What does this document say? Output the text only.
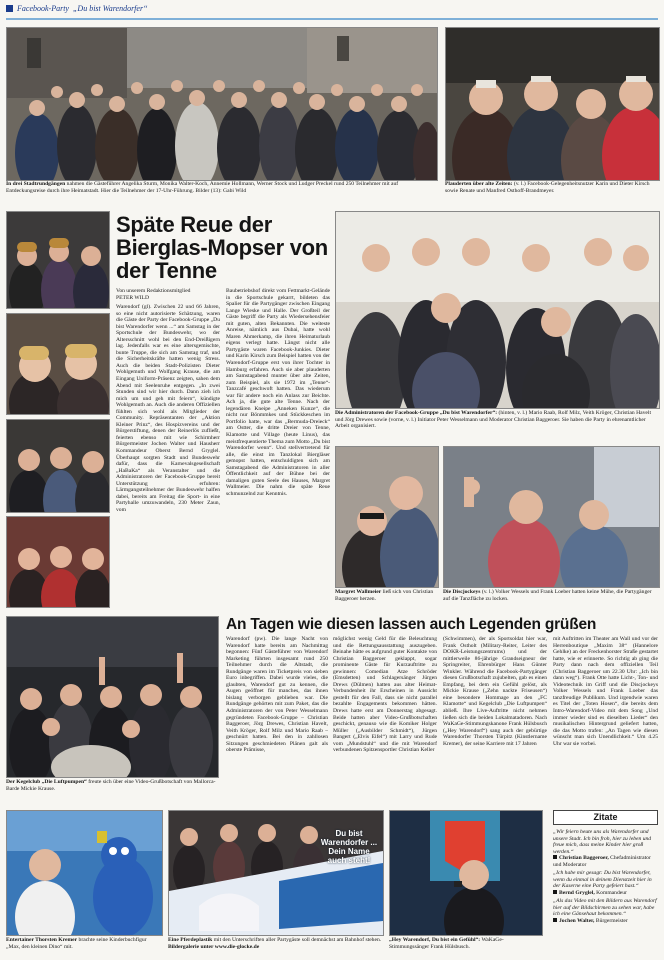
Facebook-Party „Du bist Warendorfer“
In drei Stadtrundgängen nahmen die Gästeführer Angelika Sturm, Monika Walter-Koch, Annemie Hollmann, Werner Stock und Ludger Preckel rund 250 Teilnehmer mit auf Entdeckungsreise durch ihre Heimatstadt. Hier die Teilnehmer der 17-Uhr-Führung. Bilder (13): Gabi Wild
Plauderten über alte Zeiten: (v. l.) Facebook-Gelegenheitsnutzer Karin und Dieter Kirsch sowie Renate und Manfred Osthoff-Brandmeyer.
Späte Reue der Bierglas-Mopser von der Tenne
Von unserem Redaktionsmitglied
PETER WILD

Warendorf (gl). Zwischen 22 und 66 Jahren, so eine nicht autorisierte Schätzung, waren die Gäste der Party der Facebook-Gruppe „Du bist Warendorfer wenn ...“ am Samstag in der Sportschule der Bundeswehr, wo der Altersschnitt wohl bei den End-Dreißigern lag. Jedenfalls war es eine altersgemischte, bunte Truppe, die sich am Samstag traf, und die Sicherheitskräfte hatten wenig Stress. Auch die beiden Stadt-Polizisten Dieter Wohlgemuth und Wolfgang Krause, die am Eingang Uniform-Präsenz zeigten, sahen dem Abend mit Seelenruhe entgegen. „In zwei Stunden sind wir hier durch. Dann zieh ich mich um und geh mit feiern“, kündigte Wohlgemuth an. Auch die anderen Offiziellen fühlten sich wohl als Mitglieder der Community. Repräsentanten der „Aktion Kleiner Prinz“, des Hospizvereins und der Bürgerstiftung, denen der Reinerlös zufließt, feierten ebenso mit wie Schirmherr Bürgermeister Jochen Walter und Hausherr Kommandeur Oberst Bernd Gryglel. Überhaupt sorgten Stadt und Bundeswehr dafür, dass die Karnevalsgesellschaft „HaBaKa“ als Veranstalter und die Administratoren der Facebook-Gruppe bereit Unterstützung erfuhren: Lärmgangsteilnehmer der Bundeswehr halfen dabei, bereits am Freitag die Sport- in eine Partyhalle umzuwandeln, 230 Meter Zaun, vom

Baubetriebshof direkt vom Fettmarkt-Gelände in die Sportschule gekarrt, bildeten das Spalier für die Partygänger zwischen Eingang Lange Wieske und Halle. Der Großteil der Gäste begriff die Party als Wiedersehensfeier mit guten, alten Bekannten. Die weiteste Anreise, nämlich aus Dubai, hatte wohl Maren Ahmerkamp, die ihren Heimaturlaub eigens verlegt hatte. Längst nicht alle Partygäste waren Facebook-Junkies. Dieter und Karin Kirsch zum Beispiel hatten von der Warendorf-Gruppe erst von ihrer Tochter in Hamburg erfahren. Auch sie aber plauderten am Samstagabend munter über alte Zeiten, zum Beispiel, als sie 1972 im „Tenne“-Tanzcafé geschwoft hatten. Das wiederum war für andere noch ein Anlass zur Beichte. Ach ja, die gute alte Tenne. Nach der legendären Kneipe „Anneken Kunze“, die nicht nur Bönmmkes und Stückkeschen im Portfolio hatte, war das „Bermuda-Dreieck“ am Ostter, die dritte Dreier von Tenne, Klamotte und Village (heute Linus), das meistfrequentierte Thema zum Motto „Du bist Warendorfer wenn“. Und stellvertretend für alle, die einst im Tanzlokal Biergläser gemopst hatten, entschuldigten sich am Samstagabend die Administratoren in aller Öffentlichkeit auf der Bühne bei der damaligen guten Seele des Hauses, Margret Wallmeier. Die nahm die späte Reue schmunzelnd zur Kenntnis.

Die Administratoren der Facebook-Gruppe „Du bist Warendorfer“: (hinten, v. l.) Mario Raab, Rolf Milz, Veith Kröger, Christian Havelt und Jörg Drewes sowie (vorne, v. l.) Initiator Peter Wesselmann und Moderator Christian Baggeroer. Sie haben die Party in ehrenamtlicher Arbeit organisiert.
Margret Wallmeier ließ sich von Christian Baggeroer herzen.
Die Discjockeys (v. l.) Volker Wessels und Frank Loeber hatten keine Mühe, die Partygänger auf die Tanzfläche zu locken.
Der Kegelclub „Die Luftpumpen“ freute sich über eine Video-Grußbotschaft von Mallorca-Barde Mickie Krause.
An Tagen wie diesen lassen auch Legenden grüßen

Warendorf (pw). Die lange Nacht von Warendorf hatte bereits am Nachmittag begonnen: Fünf Gästeführer von Warendorf Marketing führten insgesamt rund 250 Teilnehmer durch die Altstadt, die Rundgänge waren im Ticketpreis von sieben Euro inbegriffen. Dabei wurde vieles, die glaubten, Warendorf gut zu kennen, die Augen geöffnet für manches, das ihnen bislang verborgen geblieben war. Die Rundgänge gehörten mit zum Paket, das die Administratoren der von Peter Wesselmann gegründeten Facebook-Gruppe – Christian Baggeroer, Jörg Drewes, Christian Havelt, Veith Kröger, Rolf Milz und Mario Raab – geschnürt hatten. Bei den in zahllosen Sitzungen geschmiedeten Plänen galt als oberste Prämisse,

möglichst wenig Geld für die Beleuchtung und die Rettungsausstattung auszugeben. Beinahe hätte es aufgrund guter Kontakte von Christian Baggeroer geklappt, sogar prominente Gäste für Kurzauftritte zu gewinnen: Comedian Atze Schröder (Emsdetten) und Schlagersänger Jürgen Drews (Dülmen) hatten aus alter Heimat-Verbundenheit ihr Erscheinen in Aussicht gestellt für den Fall, dass sie nicht parallel bezahlte Engagements bekommen hätten. Drews hatte erst am Donnerstag abgesagt. Beide hatten aber Video-Grußbotschaften geschickt, genauso wie die Komiker Holger Müller („Ausbilder Schmidt“), Jürgen Bangert („Elvis Eifel“) mit Larry und Rude vom „Mundstuhl“ und die mit Warendorf verbundenen Spitzensportler Christian Keller

(Schwimmen), der als Sportsoldat hier war, Frank Ostholt (Military-Reiter, Leiter des DOKR-Leistungszentrums) und der mittlerweile 86-jährige Grandseigneur der Springreiter, Ehrenbürger Hans Günter Winkler. Während die Facebook-Partygänger diesen Grußbotschaft zujubelten, gab es einen Empfang, bei dem ein Gefühl gelöst, als Mickie Krause („Zehn nackte Friseusen“) eine besondere Hommage an den „FC Klamotte“ und Kegelclub „Die Luftpumpen“ abließ. Ihre Live-Auftritte nicht nehmen ließen sich die beiden Lokalmatadoren. Nach WaKaGe-Stimmungskanone Frank Hülsbusch („Hey Warendorf“) sang auch der gebürtige Warendorfer Thorsten Türpitz (Kinstlername Kremer), der seine Karriere mit 17 Jahren

mit Auftritten im Theater am Wall und vor der Herrenboutique „Maxim 38“ (Hannelore Gehlke) an der Freckenhorster Straße gestartet hatte, wie er erinnerte. So richtig ab ging die Party dann nach dem offiziellen Teil (Christian Baggeroer um 22.30 Uhr: „Ich bin dann weg“). Frank Otte hatte Licht-, Ton- und Videotechnik im Griff und die Discjockeys Volker Wessels und Frank Loeber das tanzfreudige Publikum. Und irgendwie waren es Titel der „Toten Hosen“, die bereits dem Intro-Warendorf-Video mit dem Song „Und immer wieder sind es dieselben Lieder“ den musikalischen Hintergrund geliefert hatten, die das Motto trafen: „An Tagen wie diesen wünscht man sich Unendlichkeit.“ Um 4.25 Uhr war sie vorbei.

Entertainer Thorsten Kremer brachte seine Kinderbuchfigur „Max, den kleinen Dino“ mit.
Du bist Warendorfer ... Dein Name auch steht!
Eine Pferdeplastik mit den Unterschriften aller Partygäste soll demnächst am Bahnhof stehen. Bildergalerie unter www.die-glocke.de
„Hey Warendorf, Du bist ein Gefühl“: WaKaGe-Stimmungssänger Frank Hülsbusch.
Zitate
„Wir feiern heute uns als Warendorfer und unsere Stadt. Ich bin froh, hier zu leben und freue mich, dass meine Kinder hier groß werden.“
Christian Baggeroer, Chefadministrator und Moderator
„Ich habe mir gesagt: Du bist Warendorfer, wenn du einmal in deinem Dienstzeit hier in der Kaserne eine Party gefeiert hast.“
Bernd Gryglel, Kommandeur
„Als das Video mit den Bildern aus Warendorf hier auf der Bildschirmen zu sehen war, habe ich eine Gänsehaut bekommen.“
Jochen Walter, Bürgermeister
